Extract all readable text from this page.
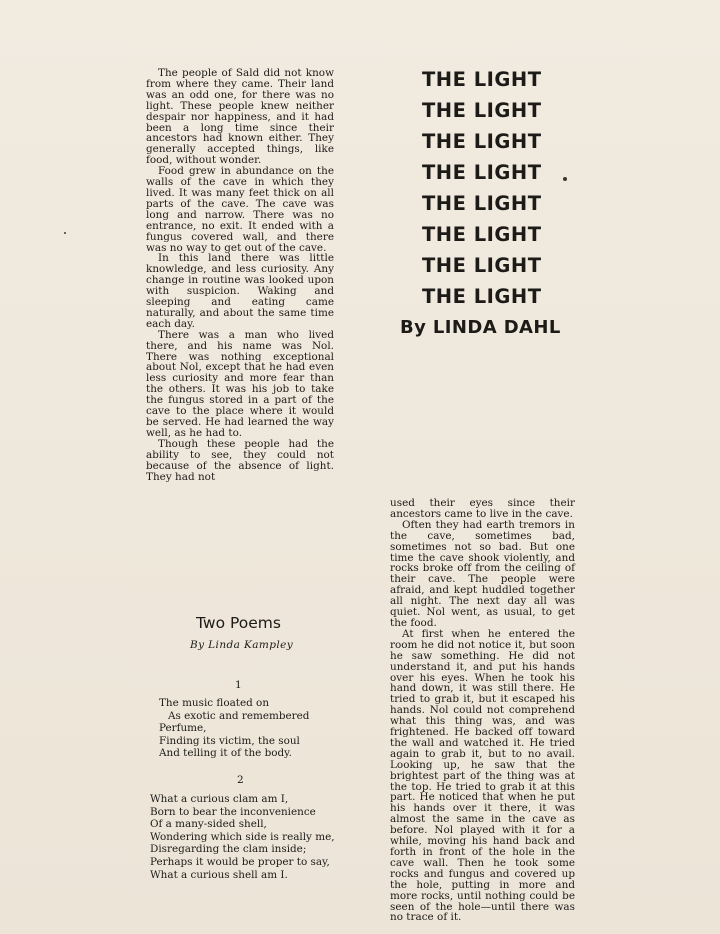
The people of Sald did not know from where they came. Their land was an odd one, for there was no light. These people knew neither despair nor happiness, and it had been a long time since their ancestors had known either. They generally accepted things, like food, without wonder.

Food grew in abundance on the walls of the cave in which they lived. It was many feet thick on all parts of the cave. The cave was long and narrow. There was no entrance, no exit. It ended with a fungus covered wall, and there was no way to get out of the cave.

In this land there was little knowledge, and less curiosity. Any change in routine was looked upon with suspicion. Waking and sleeping and eating came naturally, and about the same time each day.

There was a man who lived there, and his name was Nol. There was nothing exceptional about Nol, except that he had even less curiosity and more fear than the others. It was his job to take the fungus stored in a part of the cave to the place where it would be served. He had learned the way well, as he had to.

Though these people had the ability to see, they could not because of the absence of light. They had not

THE LIGHT
THE LIGHT
THE LIGHT
THE LIGHT
THE LIGHT
THE LIGHT
THE LIGHT
THE LIGHT
By LINDA DAHL

used their eyes since their ancestors came to live in the cave.

Often they had earth tremors in the cave, sometimes bad, sometimes not so bad. But one time the cave shook violently, and rocks broke off from the ceiling of their cave. The people were afraid, and kept huddled together all night. The next day all was quiet. Nol went, as usual, to get the food.

At first when he entered the room he did not notice it, but soon he saw something. He did not understand it, and put his hands over his eyes. When he took his hand down, it was still there. He tried to grab it, but it escaped his hands. Nol could not comprehend what this thing was, and was frightened. He backed off toward the wall and watched it. He tried again to grab it, but to no avail. Looking up, he saw that the brightest part of the thing was at the top. He tried to grab it at this part. He noticed that when he put his hands over it there, it was almost the same in the cave as before. Nol played with it for a while, moving his hand back and forth in front of the hole in the cave wall. Then he took some rocks and fungus and covered up the hole, putting in more and more rocks, until nothing could be seen of the hole—until there was no trace of it.

Two Poems
By Linda Kampley
1
The music floated on
As exotic and remembered
Perfume,
Finding its victim, the soul
And telling it of the body.
2
What a curious clam am I,
Born to bear the inconvenience
Of a many-sided shell,
Wondering which side is really me,
Disregarding the clam inside;
Perhaps it would be proper to say,
What a curious shell am I.
